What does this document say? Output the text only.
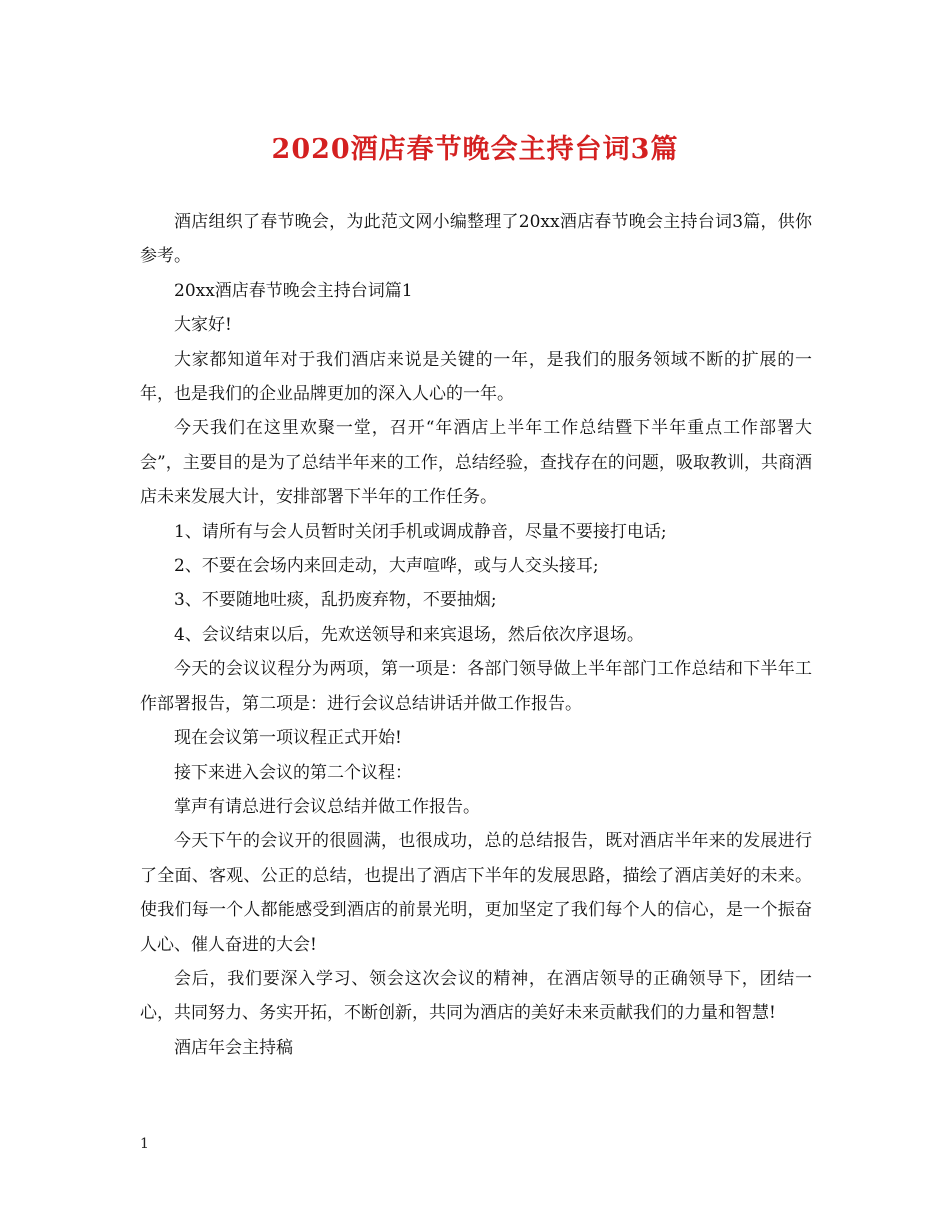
2020酒店春节晚会主持台词3篇

酒店组织了春节晚会，为此范文网小编整理了20xx酒店春节晚会主持台词3篇，供你参考。

20xx酒店春节晚会主持台词篇1

大家好!

大家都知道年对于我们酒店来说是关键的一年，是我们的服务领域不断的扩展的一年，也是我们的企业品牌更加的深入人心的一年。

今天我们在这里欢聚一堂，召开“年酒店上半年工作总结暨下半年重点工作部署大会”，主要目的是为了总结半年来的工作，总结经验，查找存在的问题，吸取教训，共商酒店未来发展大计，安排部署下半年的工作任务。

1、请所有与会人员暂时关闭手机或调成静音，尽量不要接打电话;

2、不要在会场内来回走动，大声喧哗，或与人交头接耳;

3、不要随地吐痰，乱扔废弃物，不要抽烟;

4、会议结束以后，先欢送领导和来宾退场，然后依次序退场。

今天的会议议程分为两项，第一项是：各部门领导做上半年部门工作总结和下半年工作部署报告，第二项是：进行会议总结讲话并做工作报告。

现在会议第一项议程正式开始!

接下来进入会议的第二个议程：

掌声有请总进行会议总结并做工作报告。

今天下午的会议开的很圆满，也很成功，总的总结报告，既对酒店半年来的发展进行了全面、客观、公正的总结，也提出了酒店下半年的发展思路，描绘了酒店美好的未来。使我们每一个人都能感受到酒店的前景光明，更加坚定了我们每个人的信心，是一个振奋人心、催人奋进的大会!

会后，我们要深入学习、领会这次会议的精神，在酒店领导的正确领导下，团结一心，共同努力、务实开拓，不断创新，共同为酒店的美好未来贡献我们的力量和智慧!

酒店年会主持稿

1
